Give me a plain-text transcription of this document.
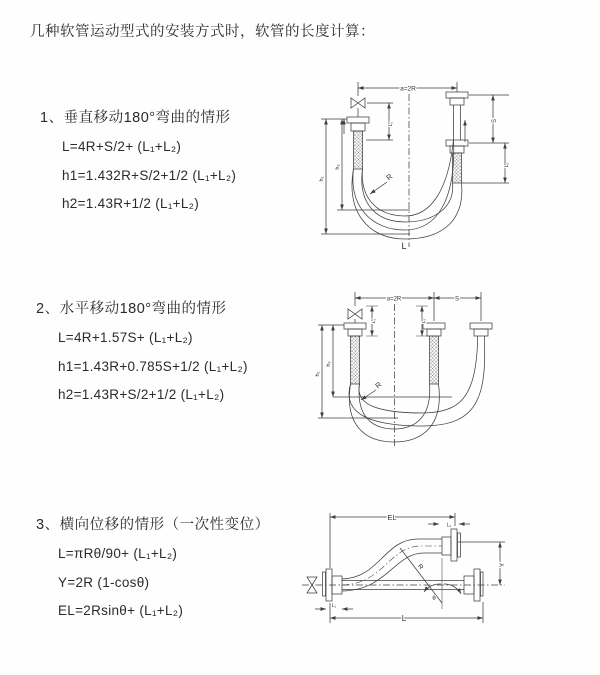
几种软管运动型式的安装方式时，软管的长度计算：
1、垂直移动180°弯曲的情形
L=4R+S/2+ (L₁+L₂)
h1=1.432R+S/2+1/2 (L₁+L₂)
h2=1.43R+1/2 (L₁+L₂)
2、水平移动180°弯曲的情形
L=4R+1.57S+ (L₁+L₂)
h1=1.43R+0.785S+1/2 (L₁+L₂)
h2=1.43R+S/2+1/2 (L₁+L₂)
3、横向位移的情形（一次性变位）
L=πRθ/90+ (L₁+L₂)
Y=2R (1-cosθ)
EL=2Rsinθ+ (L₁+L₂)
a=2R
L₁
S
L₂
h₁
h₂
R
L
a=2R	S
L₁	L₂
h₁
h₂
R
EL
L₂
Y
R
θ
L
L₁
